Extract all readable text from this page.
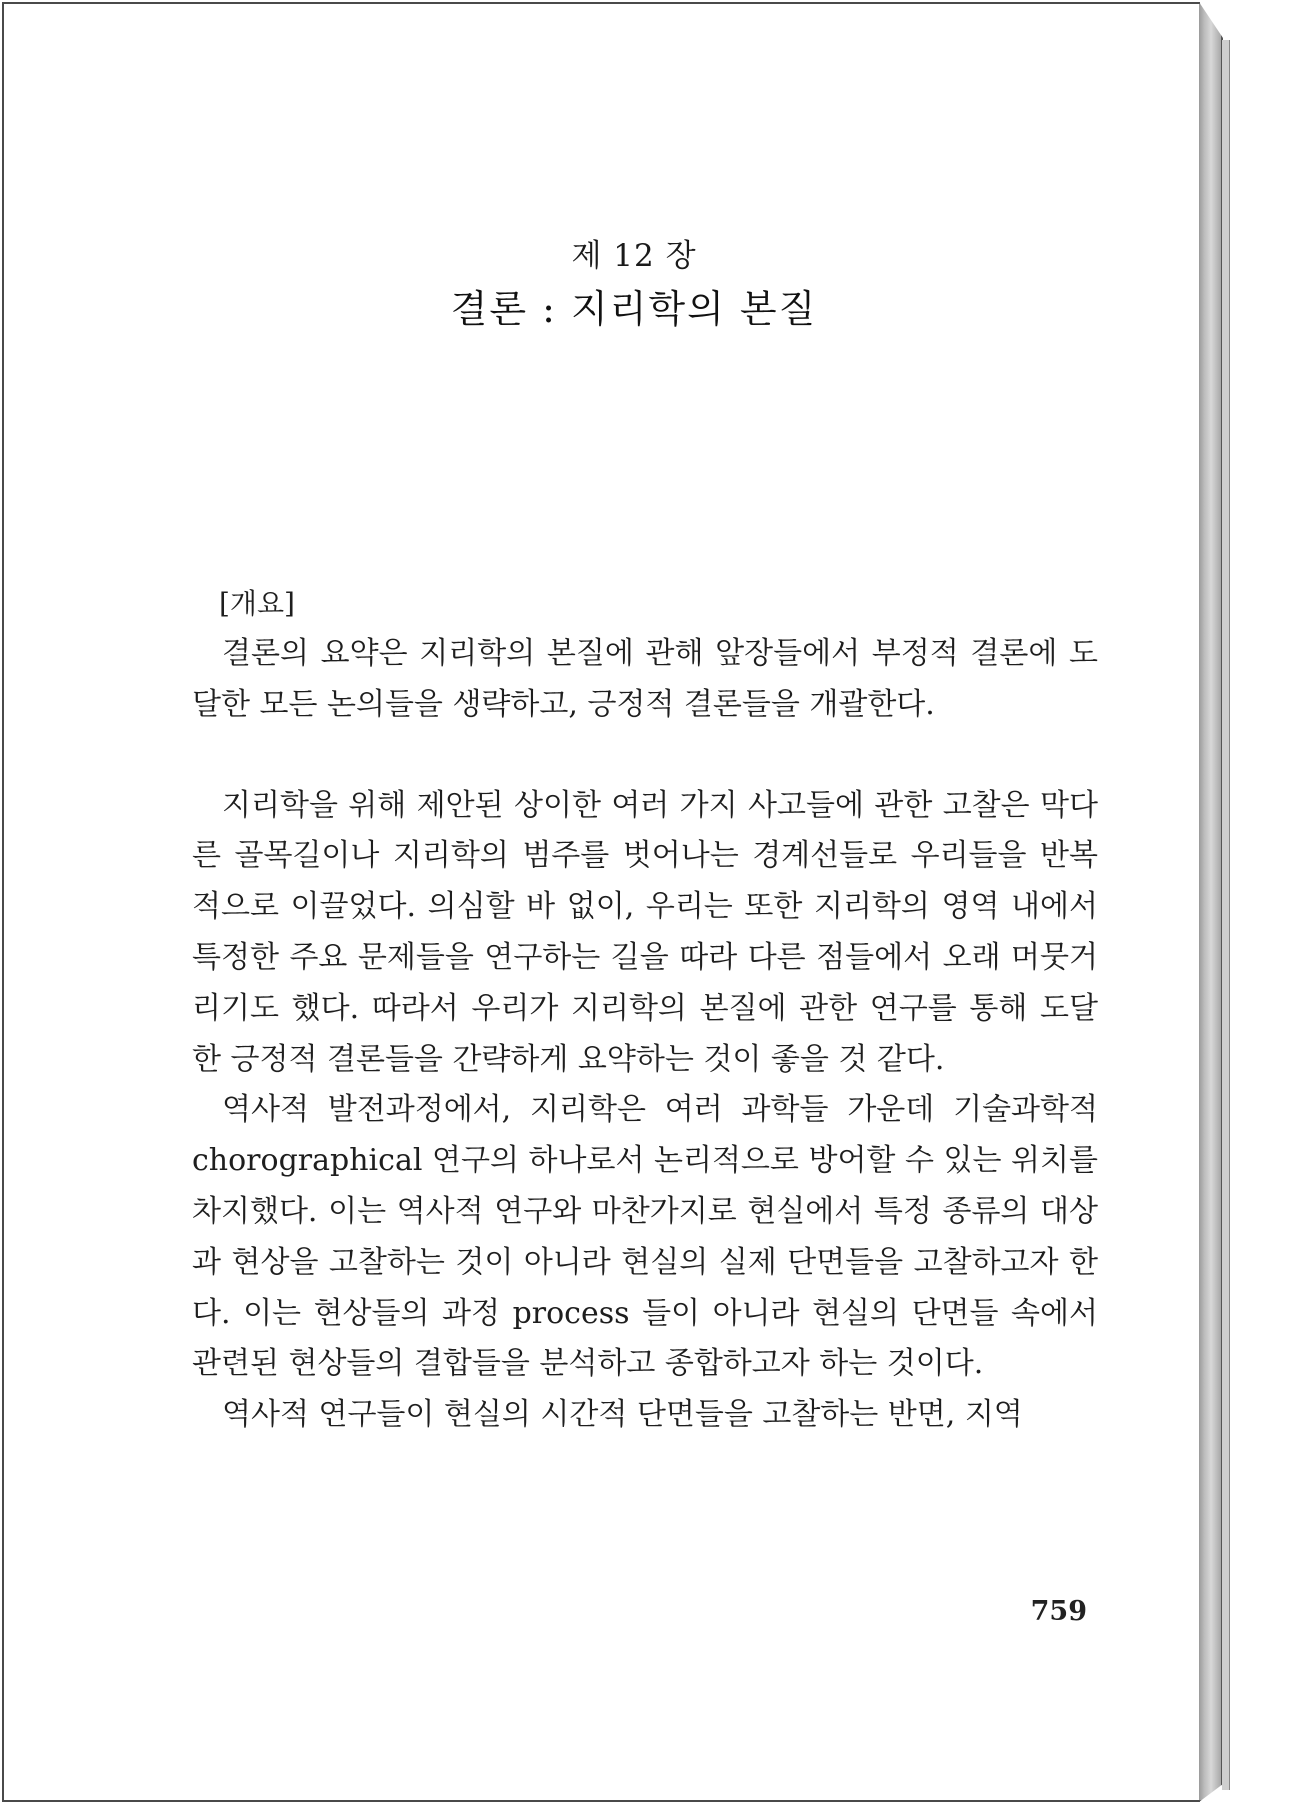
제 12 장
결론 : 지리학의 본질
[개요]

결론의 요약은 지리학의 본질에 관해 앞장들에서 부정적 결론에 도달한 모든 논의들을 생략하고, 긍정적 결론들을 개괄한다.

지리학을 위해 제안된 상이한 여러 가지 사고들에 관한 고찰은 막다른 골목길이나 지리학의 범주를 벗어나는 경계선들로 우리들을 반복적으로 이끌었다. 의심할 바 없이, 우리는 또한 지리학의 영역 내에서 특정한 주요 문제들을 연구하는 길을 따라 다른 점들에서 오래 머뭇거리기도 했다. 따라서 우리가 지리학의 본질에 관한 연구를 통해 도달한 긍정적 결론들을 간략하게 요약하는 것이 좋을 것 같다.

역사적 발전과정에서, 지리학은 여러 과학들 가운데 기술과학적 chorographical 연구의 하나로서 논리적으로 방어할 수 있는 위치를 차지했다. 이는 역사적 연구와 마찬가지로 현실에서 특정 종류의 대상과 현상을 고찰하는 것이 아니라 현실의 실제 단면들을 고찰하고자 한다. 이는 현상들의 과정 process 들이 아니라 현실의 단면들 속에서 관련된 현상들의 결합들을 분석하고 종합하고자 하는 것이다.

역사적 연구들이 현실의 시간적 단면들을 고찰하는 반면, 지역

759
